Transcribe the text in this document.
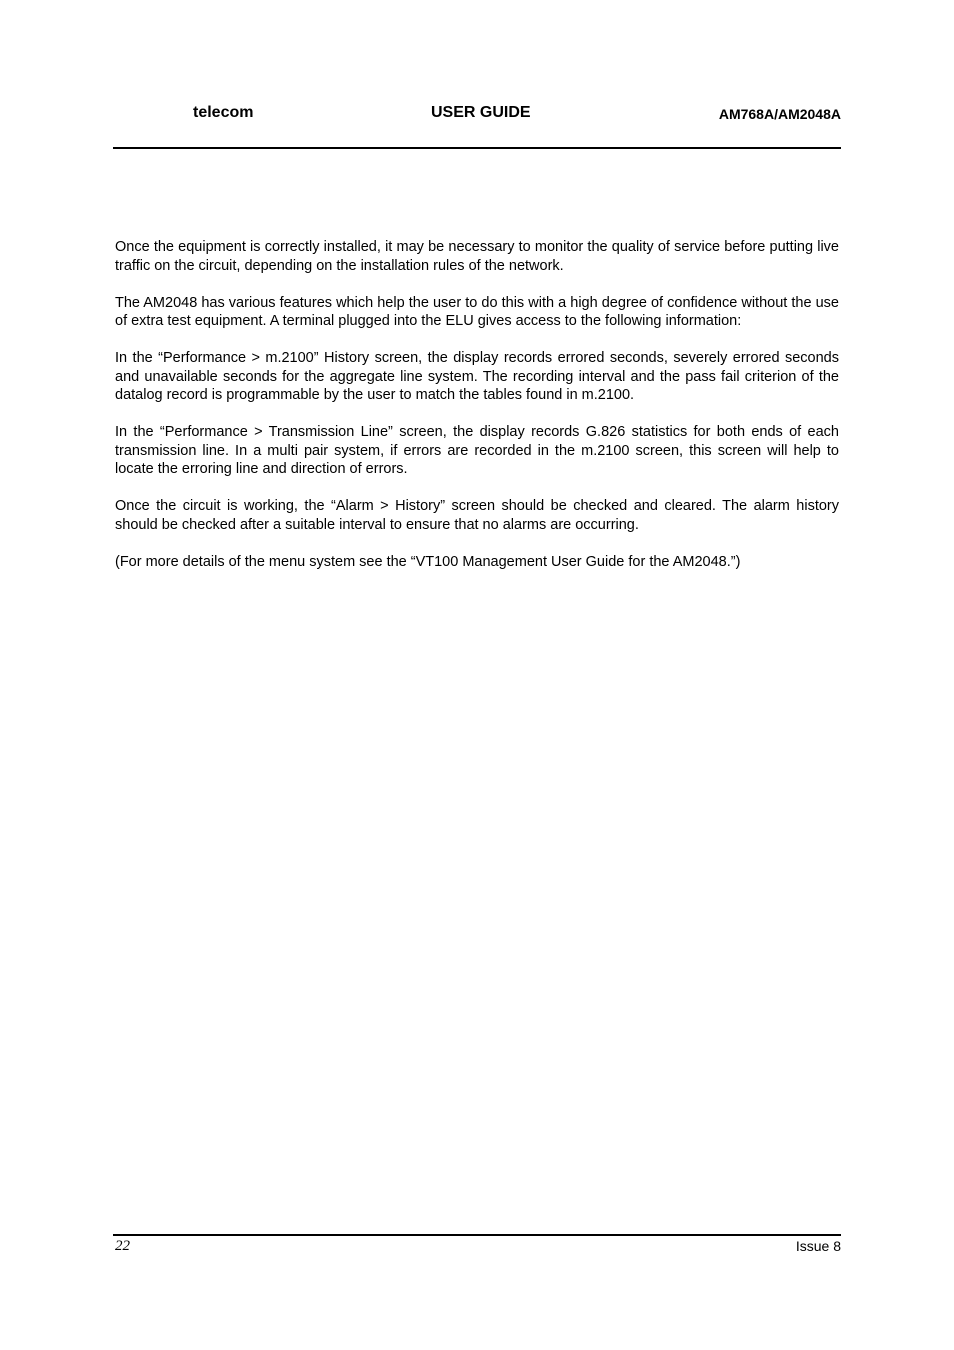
telecom	USER GUIDE	AM768A/AM2048A

Once the equipment is correctly installed, it may be necessary to monitor the quality of service before putting live traffic on the circuit, depending on the installation rules of the network.

The AM2048 has various features which help the user to do this with a high degree of confidence without the use of extra test equipment. A terminal plugged into the ELU gives access to the following information:

In the “Performance > m.2100” History screen, the display records errored seconds, severely errored seconds and unavailable seconds for the aggregate line system. The recording interval and the pass fail criterion of the datalog record is programmable by the user to match the tables found in m.2100.

In the “Performance > Transmission Line” screen, the display records G.826 statistics for both ends of each transmission line. In a multi pair system, if errors are recorded in the m.2100 screen, this screen will help to locate the erroring line and direction of errors.

Once the circuit is working, the “Alarm > History” screen should be checked and cleared. The alarm history should be checked after a suitable interval to ensure that no alarms are occurring.

(For more details of the menu system see the “VT100 Management User Guide for the AM2048.”)

22	Issue 8
